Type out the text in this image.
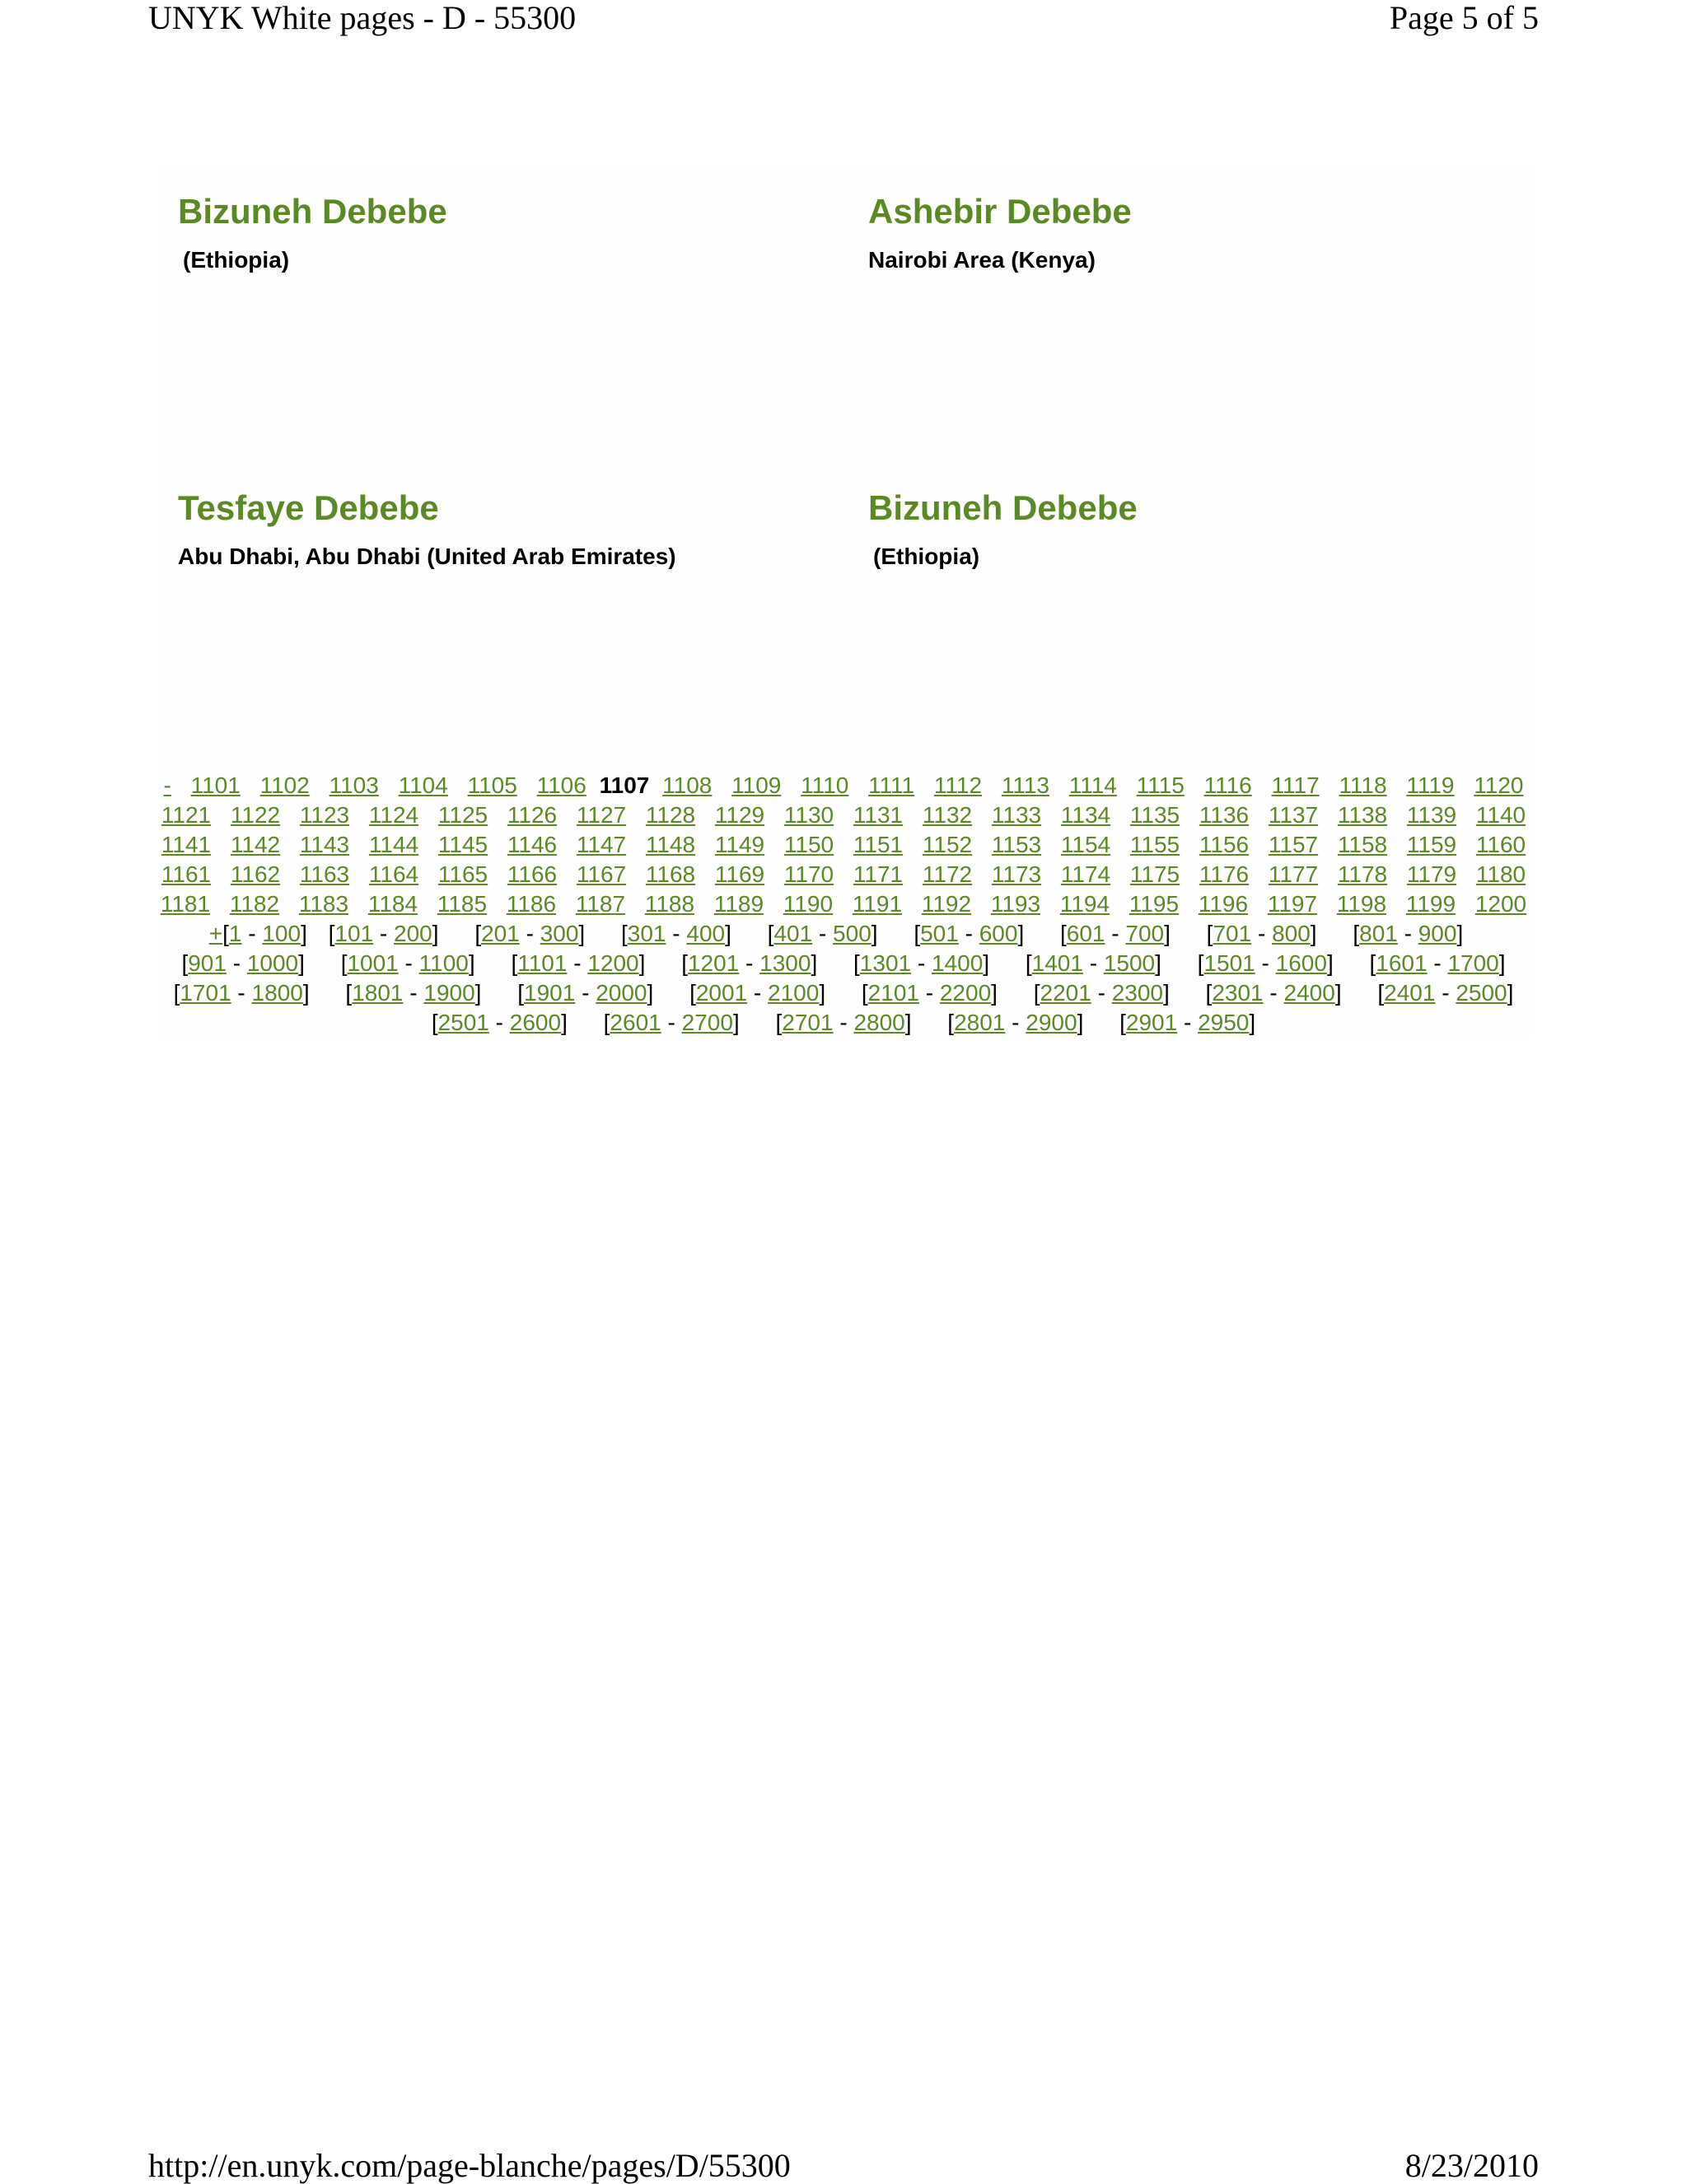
UNYK White pages - D - 55300	Page 5 of 5
Bizuneh Debebe
(Ethiopia)
Ashebir Debebe
Nairobi Area (Kenya)
Tesfaye Debebe
Abu Dhabi, Abu Dhabi (United Arab Emirates)
Bizuneh Debebe
(Ethiopia)
- 1101 1102 1103 1104 1105 1106 1107 1108 1109 1110 1111 1112 1113 1114 1115 1116 1117 1118 1119 1120 1121 1122 1123 1124 1125 1126 1127 1128 1129 1130 1131 1132 1133 1134 1135 1136 1137 1138 1139 1140 1141 1142 1143 1144 1145 1146 1147 1148 1149 1150 1151 1152 1153 1154 1155 1156 1157 1158 1159 1160 1161 1162 1163 1164 1165 1166 1167 1168 1169 1170 1171 1172 1173 1174 1175 1176 1177 1178 1179 1180 1181 1182 1183 1184 1185 1186 1187 1188 1189 1190 1191 1192 1193 1194 1195 1196 1197 1198 1199 1200 +[1 - 100] [101 - 200] [201 - 300] [301 - 400] [401 - 500] [501 - 600] [601 - 700] [701 - 800] [801 - 900] [901 - 1000] [1001 - 1100] [1101 - 1200] [1201 - 1300] [1301 - 1400] [1401 - 1500] [1501 - 1600] [1601 - 1700] [1701 - 1800] [1801 - 1900] [1901 - 2000] [2001 - 2100] [2101 - 2200] [2201 - 2300] [2301 - 2400] [2401 - 2500] [2501 - 2600] [2601 - 2700] [2701 - 2800] [2801 - 2900] [2901 - 2950]
http://en.unyk.com/page-blanche/pages/D/55300	8/23/2010
